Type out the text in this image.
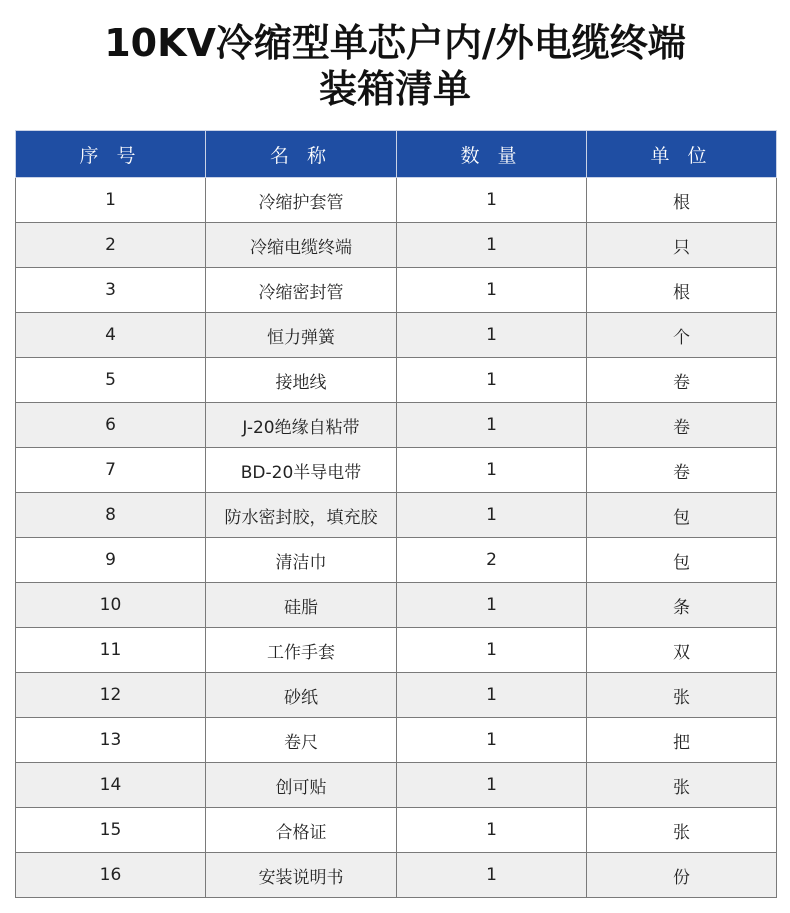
10KV冷缩型单芯户内/外电缆终端
装箱清单
序 号	名 称	数 量	单 位
1	冷缩护套管	1	根
2	冷缩电缆终端	1	只
3	冷缩密封管	1	根
4	恒力弹簧	1	个
5	接地线	1	卷
6	J-20绝缘自粘带	1	卷
7	BD-20半导电带	1	卷
8	防水密封胶，填充胶	1	包
9	清洁巾	2	包
10	硅脂	1	条
11	工作手套	1	双
12	砂纸	1	张
13	卷尺	1	把
14	创可贴	1	张
15	合格证	1	张
16	安装说明书	1	份
